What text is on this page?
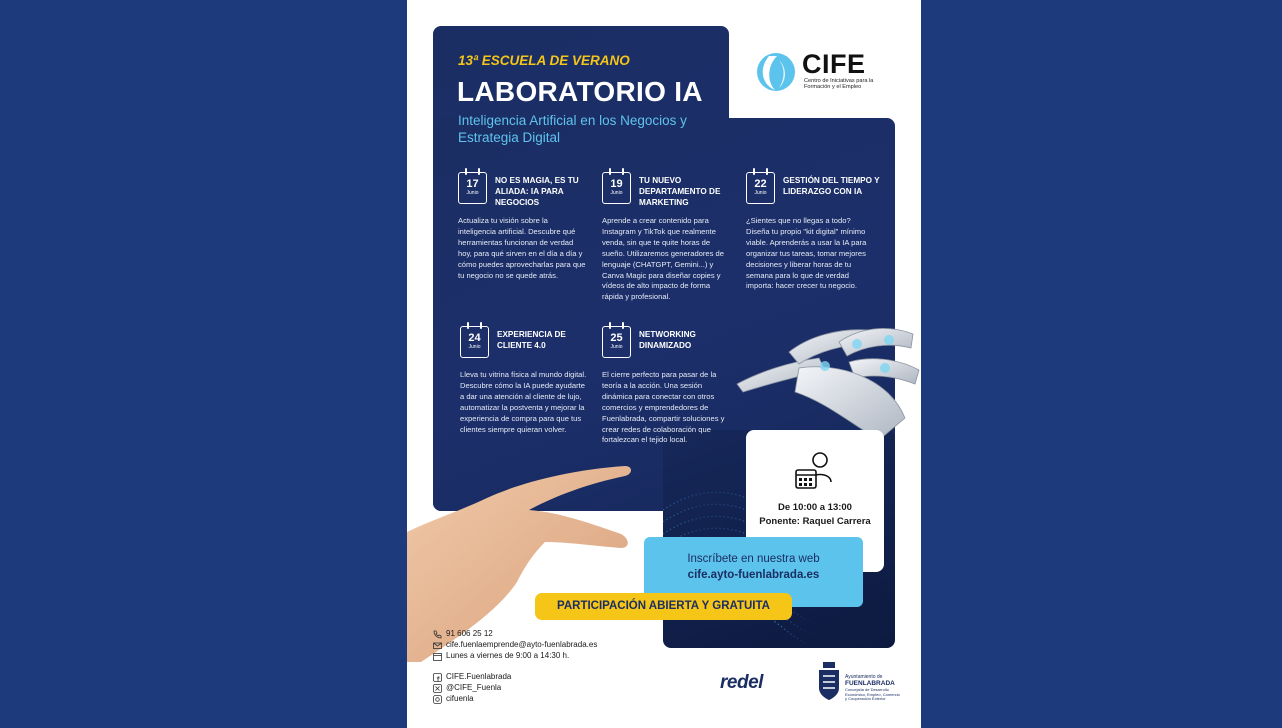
CIFE
Centro de Iniciativas para la Formación y el Empleo
13ª ESCUELA DE VERANO
LABORATORIO IA
Inteligencia Artificial en los Negocios y Estrategia Digital
17
Junio
NO ES MAGIA, ES TU ALIADA: IA PARA NEGOCIOS
Actualiza tu visión sobre la inteligencia artificial. Descubre qué herramientas funcionan de verdad hoy, para qué sirven en el día a día y cómo puedes aprovecharlas para que tu negocio no se quede atrás.
19
Junio
TU NUEVO DEPARTAMENTO DE MARKETING
Aprende a crear contenido para Instagram y TikTok que realmente venda, sin que te quite horas de sueño. Utilizaremos generadores de lenguaje (CHATGPT, Gemini...) y Canva Magic para diseñar copies y vídeos de alto impacto de forma rápida y profesional.
22
Junio
GESTIÓN DEL TIEMPO Y LIDERAZGO CON IA
¿Sientes que no llegas a todo? Diseña tu propio "kit digital" mínimo viable. Aprenderás a usar la IA para organizar tus tareas, tomar mejores decisiones y liberar horas de tu semana para lo que de verdad importa: hacer crecer tu negocio.
24
Junio
EXPERIENCIA DE CLIENTE 4.0
Lleva tu vitrina física al mundo digital. Descubre cómo la IA puede ayudarte a dar una atención al cliente de lujo, automatizar la postventa y mejorar la experiencia de compra para que tus clientes siempre quieran volver.
25
Junio
NETWORKING DINAMIZADO
El cierre perfecto para pasar de la teoría a la acción. Una sesión dinámica para conectar con otros comercios y emprendedores de Fuenlabrada, compartir soluciones y crear redes de colaboración que fortalezcan el tejido local.
De 10:00 a 13:00
Ponente: Raquel Carrera
Inscríbete en nuestra web
cife.ayto-fuenlabrada.es
PARTICIPACIÓN ABIERTA Y GRATUITA
91 606 25 12
cife.fuenlaemprende@ayto-fuenlabrada.es
Lunes a viernes de 9:00 a 14:30 h.
CIFE.Fuenlabrada
@CIFE_Fuenla
cifuenla
redel	Ayuntamiento de
FUENLABRADA
Concejalía de Desarrollo Económico, Empleo, Comercio y Cooperación Exterior
